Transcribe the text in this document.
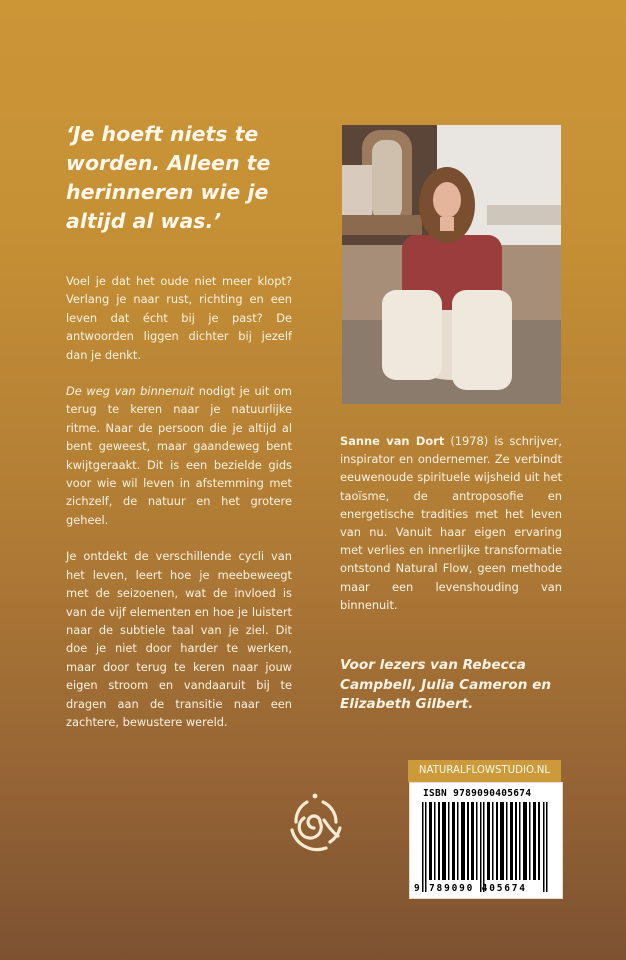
‘Je hoeft niets te worden. Alleen te herinneren wie je altijd al was.’

Voel je dat het oude niet meer klopt? Verlang je naar rust, richting en een leven dat écht bij je past? De antwoorden liggen dichter bij jezelf dan je denkt.

De weg van binnenuit nodigt je uit om terug te keren naar je natuurlijke ritme. Naar de persoon die je altijd al bent geweest, maar gaandeweg bent kwijtgeraakt. Dit is een bezielde gids voor wie wil leven in afstemming met zichzelf, de natuur en het grotere geheel.

Je ontdekt de verschillende cycli van het leven, leert hoe je meebeweegt met de seizoenen, wat de invloed is van de vijf elementen en hoe je luistert naar de subtiele taal van je ziel. Dit doe je niet door harder te werken, maar door terug te keren naar jouw eigen stroom en vandaaruit bij te dragen aan de transitie naar een zachtere, bewustere wereld.

Sanne van Dort (1978) is schrijver, inspirator en ondernemer. Ze verbindt eeuwenoude spirituele wijsheid uit het taoïsme, de antroposofie en energetische tradities met het leven van nu. Vanuit haar eigen ervaring met verlies en innerlijke transformatie ontstond Natural Flow, geen methode maar een levenshouding van binnenuit.

Voor lezers van Rebecca Campbell, Julia Cameron en Elizabeth Gilbert.

NATURALFLOWSTUDIO.NL
ISBN 9789090405674
9 789090 405674
